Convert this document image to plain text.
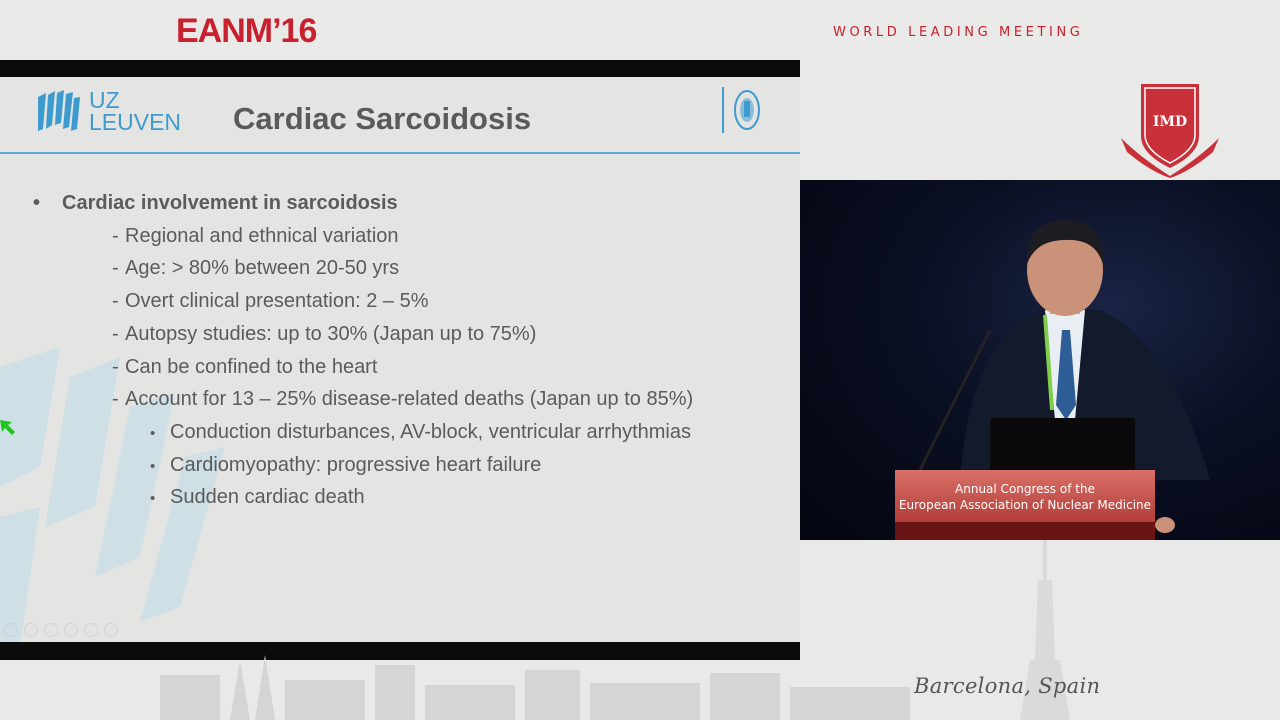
EANM’16	WORLD LEADING MEETING
UZ
LEUVEN Cardiac Sarcoidosis
• Cardiac involvement in sarcoidosis
- Regional and ethnical variation
- Age: > 80% between 20-50 yrs
- Overt clinical presentation: 2 – 5%
- Autopsy studies: up to 30% (Japan up to 75%)
- Can be confined to the heart
- Account for 13 – 25% disease-related deaths (Japan up to 85%)
• Conduction disturbances, AV-block, ventricular arrhythmias
• Cardiomyopathy: progressive heart failure
• Sudden cardiac death
IMD
Annual Congress of the
European Association of Nuclear Medicine
Barcelona, Spain
